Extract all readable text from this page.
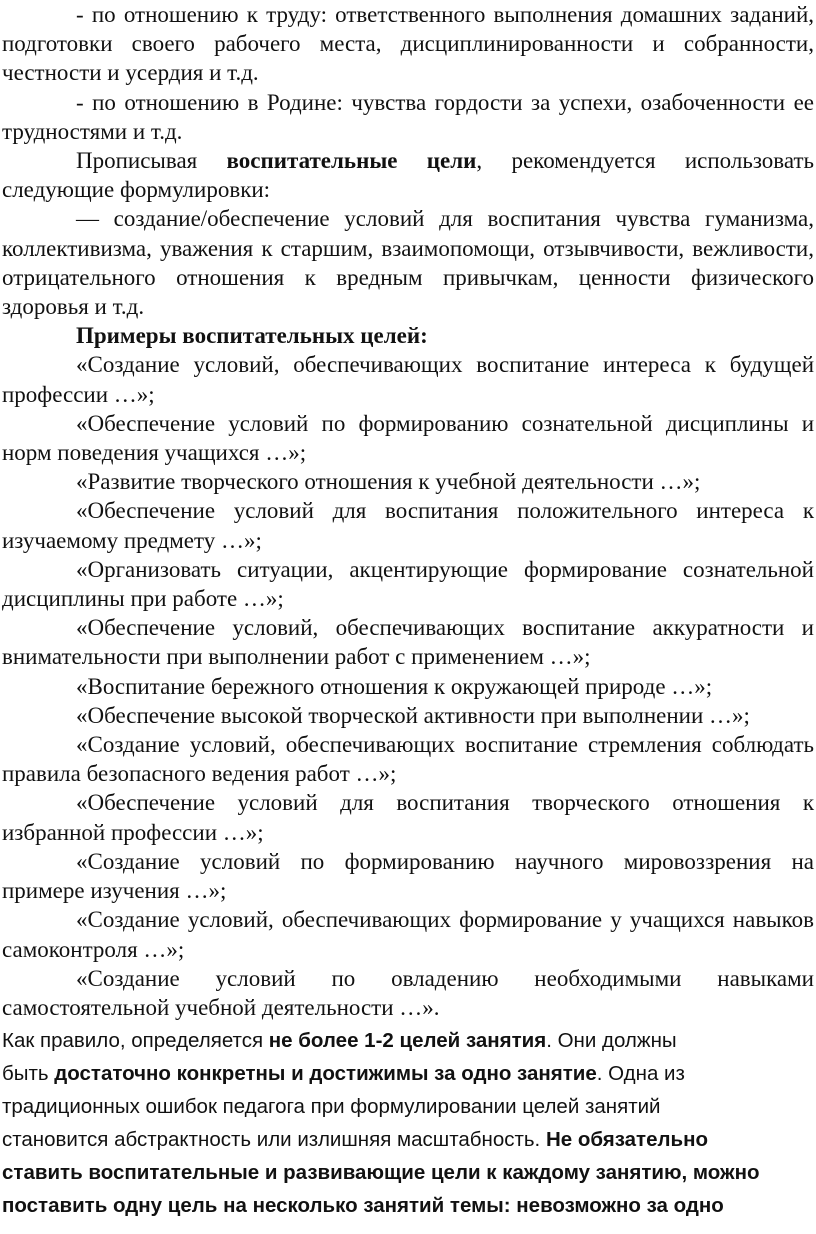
- по отношению к труду: ответственного выполнения домашних заданий, подготовки своего рабочего места, дисциплинированности и собранности, честности и усердия и т.д.

- по отношению в Родине: чувства гордости за успехи, озабоченности ее трудностями и т.д.

Прописывая воспитательные цели, рекомендуется использовать следующие формулировки:

— создание/обеспечение условий для воспитания чувства гуманизма, коллективизма, уважения к старшим, взаимопомощи, отзывчивости, вежливости, отрицательного отношения к вредным привычкам, ценности физического здоровья и т.д.

Примеры воспитательных целей:

«Создание условий, обеспечивающих воспитание интереса к будущей профессии …»;

«Обеспечение условий по формированию сознательной дисциплины и норм поведения учащихся …»;

«Развитие творческого отношения к учебной деятельности …»;

«Обеспечение условий для воспитания положительного интереса к изучаемому предмету …»;

«Организовать ситуации, акцентирующие формирование сознательной дисциплины при работе …»;

«Обеспечение условий, обеспечивающих воспитание аккуратности и внимательности при выполнении работ с применением …»;

«Воспитание бережного отношения к окружающей природе …»;

«Обеспечение высокой творческой активности при выполнении …»;

«Создание условий, обеспечивающих воспитание стремления соблюдать правила безопасного ведения работ …»;

«Обеспечение условий для воспитания творческого отношения к избранной профессии …»;

«Создание условий по формированию научного мировоззрения на примере изучения …»;

«Создание условий, обеспечивающих формирование у учащихся навыков самоконтроля …»;

«Создание условий по овладению необходимыми навыками самостоятельной учебной деятельности …».

Как правило, определяется не более 1-2 целей занятия. Они должны

быть достаточно конкретны и достижимы за одно занятие. Одна из

традиционных ошибок педагога при формулировании целей занятий

становится абстрактность или излишняя масштабность. Не обязательно

ставить воспитательные и развивающие цели к каждому занятию, можно

поставить одну цель на несколько занятий темы: невозможно за одно
